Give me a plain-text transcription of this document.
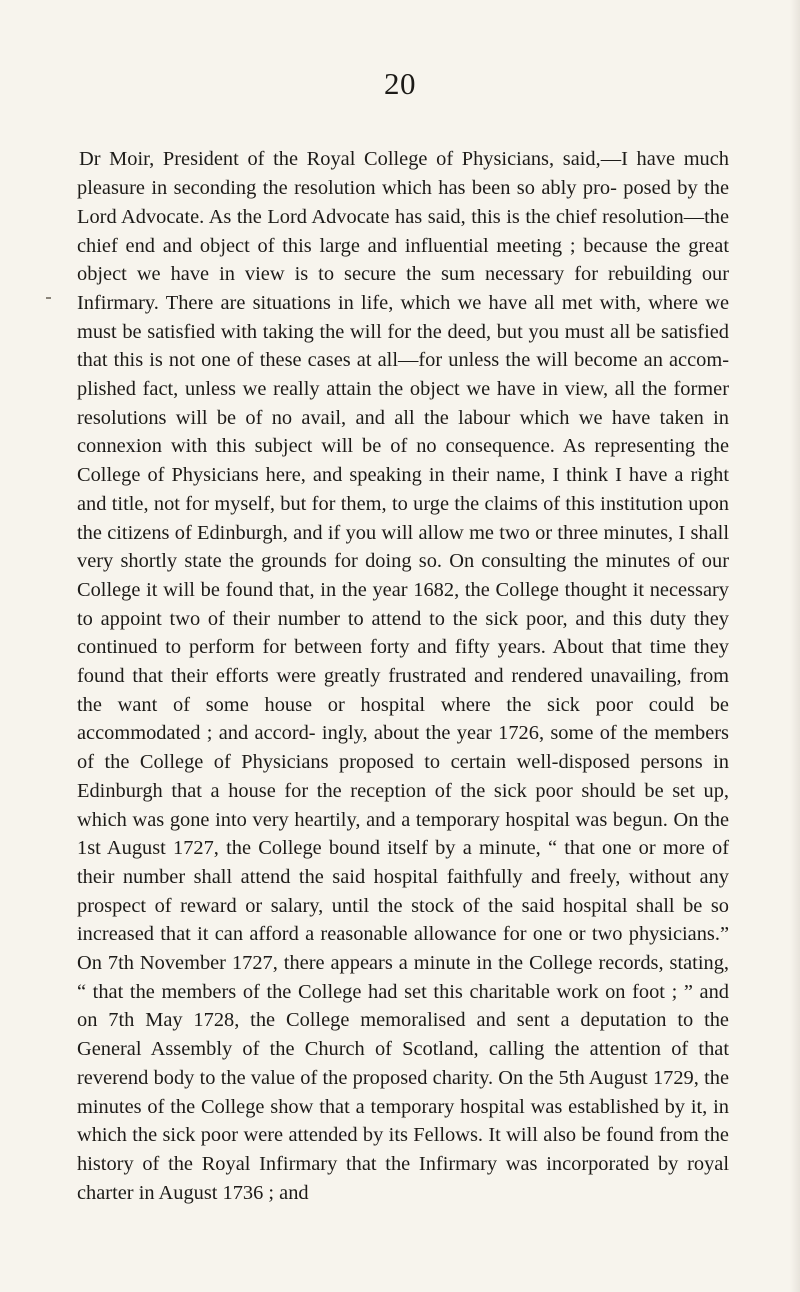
20

Dr Moir, President of the Royal College of Physicians, said,—I have much pleasure in seconding the resolution which has been so ably pro- posed by the Lord Advocate. As the Lord Advocate has said, this is the chief resolution—the chief end and object of this large and influential meeting ; because the great object we have in view is to secure the sum necessary for rebuilding our Infirmary. There are situations in life, which we have all met with, where we must be satisfied with taking the will for the deed, but you must all be satisfied that this is not one of these cases at all—for unless the will become an accom- plished fact, unless we really attain the object we have in view, all the former resolutions will be of no avail, and all the labour which we have taken in connexion with this subject will be of no consequence. As representing the College of Physicians here, and speaking in their name, I think I have a right and title, not for myself, but for them, to urge the claims of this institution upon the citizens of Edinburgh, and if you will allow me two or three minutes, I shall very shortly state the grounds for doing so. On consulting the minutes of our College it will be found that, in the year 1682, the College thought it necessary to appoint two of their number to attend to the sick poor, and this duty they continued to perform for between forty and fifty years. About that time they found that their efforts were greatly frustrated and rendered unavailing, from the want of some house or hospital where the sick poor could be accommodated ; and accord- ingly, about the year 1726, some of the members of the College of Physicians proposed to certain well-disposed persons in Edinburgh that a house for the reception of the sick poor should be set up, which was gone into very heartily, and a temporary hospital was begun. On the 1st August 1727, the College bound itself by a minute, “ that one or more of their number shall attend the said hospital faithfully and freely, without any prospect of reward or salary, until the stock of the said hospital shall be so increased that it can afford a reasonable allowance for one or two physicians.” On 7th November 1727, there appears a minute in the College records, stating, “ that the members of the College had set this charitable work on foot ; ” and on 7th May 1728, the College memoralised and sent a deputation to the General Assembly of the Church of Scotland, calling the attention of that reverend body to the value of the proposed charity. On the 5th August 1729, the minutes of the College show that a temporary hospital was established by it, in which the sick poor were attended by its Fellows. It will also be found from the history of the Royal Infirmary that the Infirmary was incorporated by royal charter in August 1736 ; and
